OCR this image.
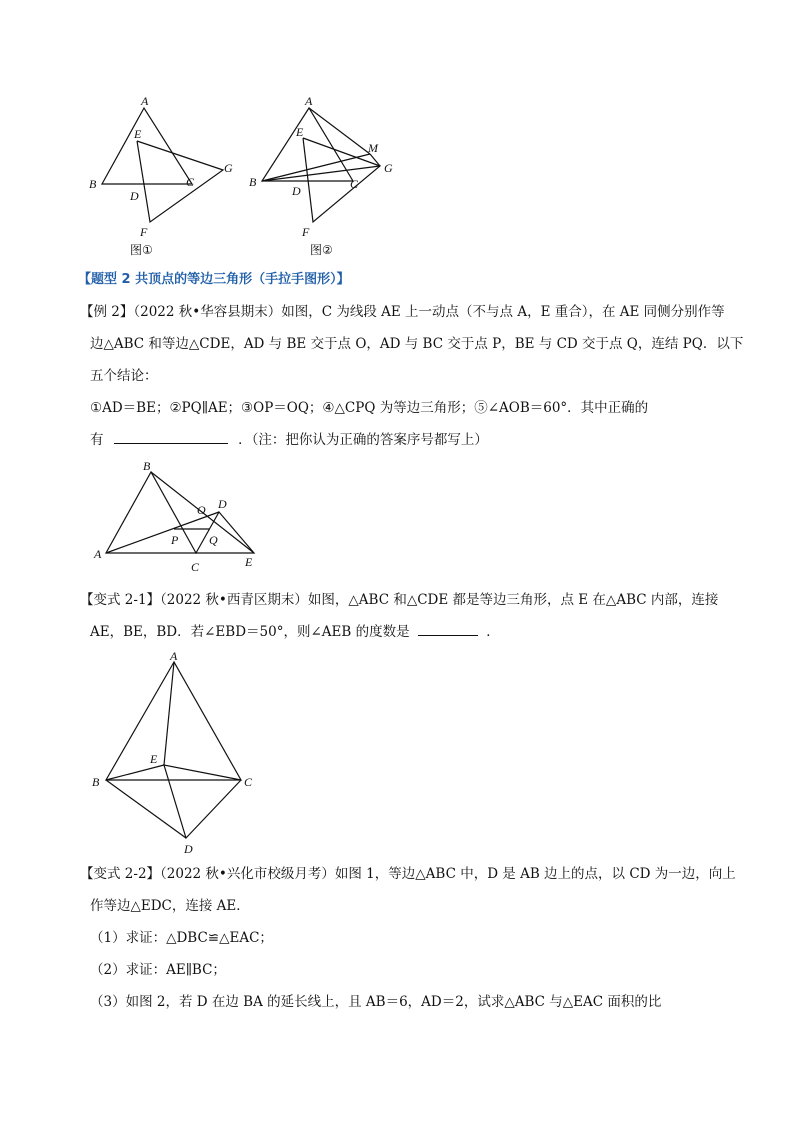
A
E
B	C
D
G
F
图①
A
E
M
B
D	C
G
F
图②
【题型 2 共顶点的等边三角形（手拉手图形）】
【例 2】（2022 秋•华容县期末）如图，C 为线段 AE 上一动点（不与点 A，E 重合），在 AE 同侧分别作等
边△ABC 和等边△CDE，AD 与 BE 交于点 O，AD 与 BC 交于点 P，BE 与 CD 交于点 Q，连结 PQ．以下
五个结论：
①AD＝BE；②PQ∥AE；③OP＝OQ；④△CPQ 为等边三角形；⑤∠AOB＝60°．其中正确的
有	．（注：把你认为正确的答案序号都写上）
B
O D
P	Q
A
C	E
【变式 2-1】（2022 秋•西青区期末）如图，△ABC 和△CDE 都是等边三角形，点 E 在△ABC 内部，连接
AE，BE，BD．若∠EBD＝50°，则∠AEB 的度数是	．
A
E
B	C
D
【变式 2-2】（2022 秋•兴化市校级月考）如图 1，等边△ABC 中，D 是 AB 边上的点，以 CD 为一边，向上
作等边△EDC，连接 AE．
（1）求证：△DBC≌△EAC；
（2）求证：AE∥BC；
（3）如图 2，若 D 在边 BA 的延长线上，且 AB＝6，AD＝2，试求△ABC 与△EAC 面积的比
